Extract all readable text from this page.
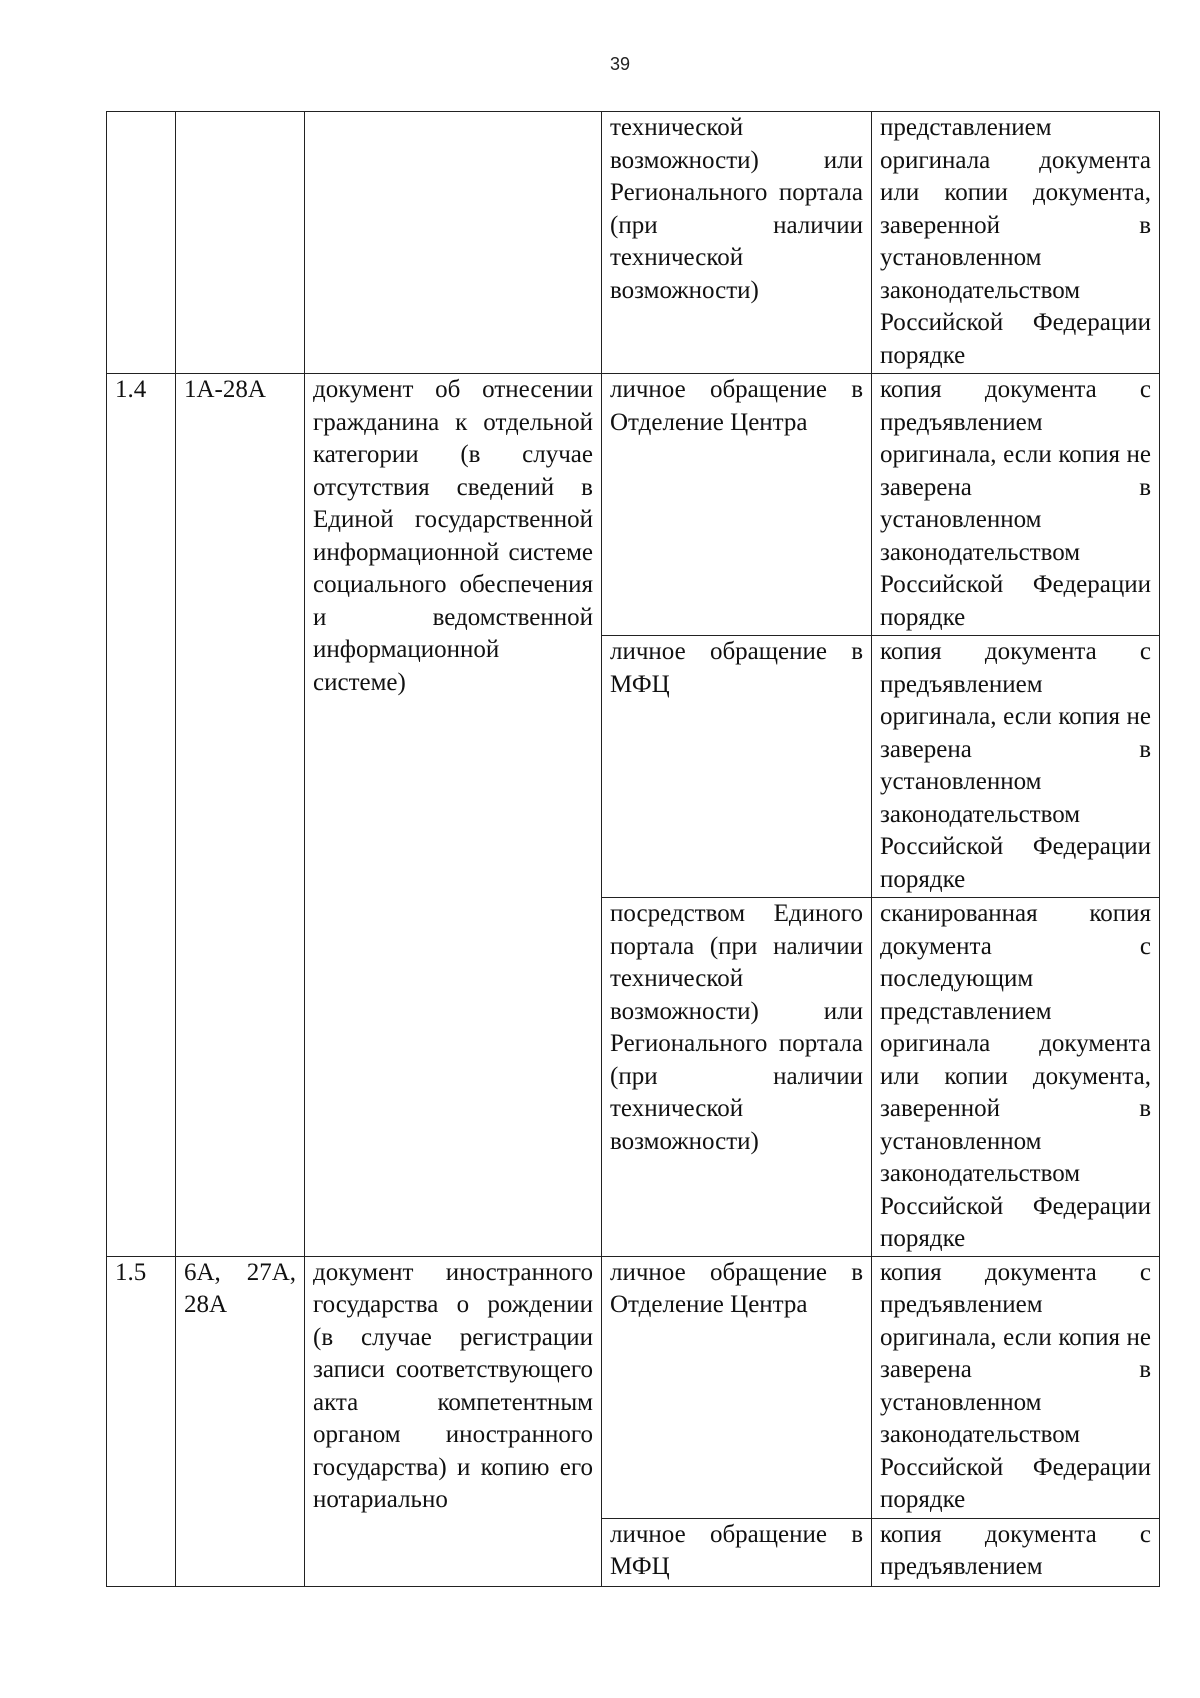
39

			технической возможности) или Регионального портала (при наличии технической возможности)	представлением оригинала документа или копии документа, заверенной в установленном законодательством Российской Федерации порядке

1.4	1А-28А	документ об отнесении гражданина к отдельной категории (в случае отсутствия сведений в Единой государственной информационной системе социального обеспечения и ведомственной информационной системе)	личное обращение в Отделение Центра	копия документа с предъявлением оригинала, если копия не заверена в установленном законодательством Российской Федерации порядке

			личное обращение в МФЦ	копия документа с предъявлением оригинала, если копия не заверена в установленном законодательством Российской Федерации порядке

			посредством Единого портала (при наличии технической возможности) или Регионального портала (при наличии технической возможности)	сканированная копия документа с последующим представлением оригинала документа или копии документа, заверенной в установленном законодательством Российской Федерации порядке

1.5	6А, 27А, 28А	документ иностранного государства о рождении (в случае регистрации записи соответствующего акта компетентным органом иностранного государства) и копию его нотариально	личное обращение в Отделение Центра	копия документа с предъявлением оригинала, если копия не заверена в установленном законодательством Российской Федерации порядке

			личное обращение в МФЦ	копия документа с предъявлением
